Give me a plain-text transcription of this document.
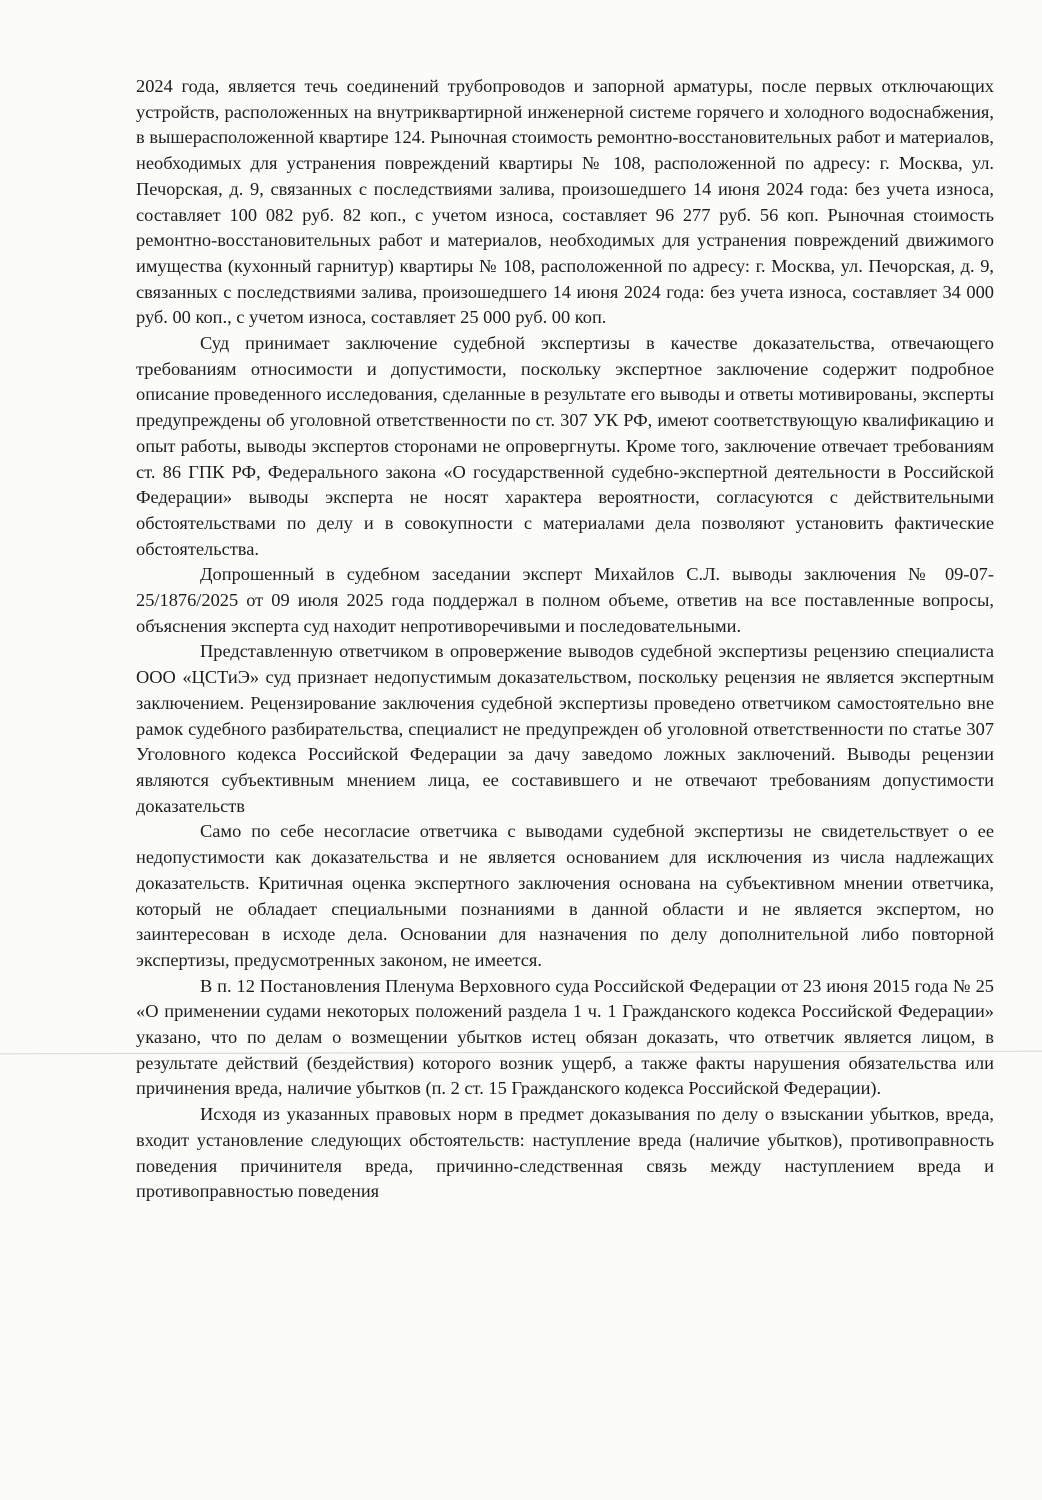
2024 года, является течь соединений трубопроводов и запорной арматуры, после первых отключающих устройств, расположенных на внутриквартирной инженерной системе горячего и холодного водоснабжения, в вышерасположенной квартире 124. Рыночная стоимость ремонтно-восстановительных работ и материалов, необходимых для устранения повреждений квартиры № 108, расположенной по адресу: г. Москва, ул. Печорская, д. 9, связанных с последствиями залива, произошедшего 14 июня 2024 года: без учета износа, составляет 100 082 руб. 82 коп., с учетом износа, составляет 96 277 руб. 56 коп. Рыночная стоимость ремонтно-восстановительных работ и материалов, необходимых для устранения повреждений движимого имущества (кухонный гарнитур) квартиры № 108, расположенной по адресу: г. Москва, ул. Печорская, д. 9, связанных с последствиями залива, произошедшего 14 июня 2024 года: без учета износа, составляет 34 000 руб. 00 коп., с учетом износа, составляет 25 000 руб. 00 коп.

Суд принимает заключение судебной экспертизы в качестве доказательства, отвечающего требованиям относимости и допустимости, поскольку экспертное заключение содержит подробное описание проведенного исследования, сделанные в результате его выводы и ответы мотивированы, эксперты предупреждены об уголовной ответственности по ст. 307 УК РФ, имеют соответствующую квалификацию и опыт работы, выводы экспертов сторонами не опровергнуты. Кроме того, заключение отвечает требованиям ст. 86 ГПК РФ, Федерального закона «О государственной судебно-экспертной деятельности в Российской Федерации» выводы эксперта не носят характера вероятности, согласуются с действительными обстоятельствами по делу и в совокупности с материалами дела позволяют установить фактические обстоятельства.

Допрошенный в судебном заседании эксперт Михайлов С.Л. выводы заключения № 09-07-25/1876/2025 от 09 июля 2025 года поддержал в полном объеме, ответив на все поставленные вопросы, объяснения эксперта суд находит непротиворечивыми и последовательными.

Представленную ответчиком в опровержение выводов судебной экспертизы рецензию специалиста ООО «ЦСТиЭ» суд признает недопустимым доказательством, поскольку рецензия не является экспертным заключением. Рецензирование заключения судебной экспертизы проведено ответчиком самостоятельно вне рамок судебного разбирательства, специалист не предупрежден об уголовной ответственности по статье 307 Уголовного кодекса Российской Федерации за дачу заведомо ложных заключений. Выводы рецензии являются субъективным мнением лица, ее составившего и не отвечают требованиям допустимости доказательств

Само по себе несогласие ответчика с выводами судебной экспертизы не свидетельствует о ее недопустимости как доказательства и не является основанием для исключения из числа надлежащих доказательств. Критичная оценка экспертного заключения основана на субъективном мнении ответчика, который не обладает специальными познаниями в данной области и не является экспертом, но заинтересован в исходе дела. Основании для назначения по делу дополнительной либо повторной экспертизы, предусмотренных законом, не имеется.

В п. 12 Постановления Пленума Верховного суда Российской Федерации от 23 июня 2015 года № 25 «О применении судами некоторых положений раздела 1 ч. 1 Гражданского кодекса Российской Федерации» указано, что по делам о возмещении убытков истец обязан доказать, что ответчик является лицом, в результате действий (бездействия) которого возник ущерб, а также факты нарушения обязательства или причинения вреда, наличие убытков (п. 2 ст. 15 Гражданского кодекса Российской Федерации).

Исходя из указанных правовых норм в предмет доказывания по делу о взыскании убытков, вреда, входит установление следующих обстоятельств: наступление вреда (наличие убытков), противоправность поведения причинителя вреда, причинно-следственная связь между наступлением вреда и противоправностью поведения
